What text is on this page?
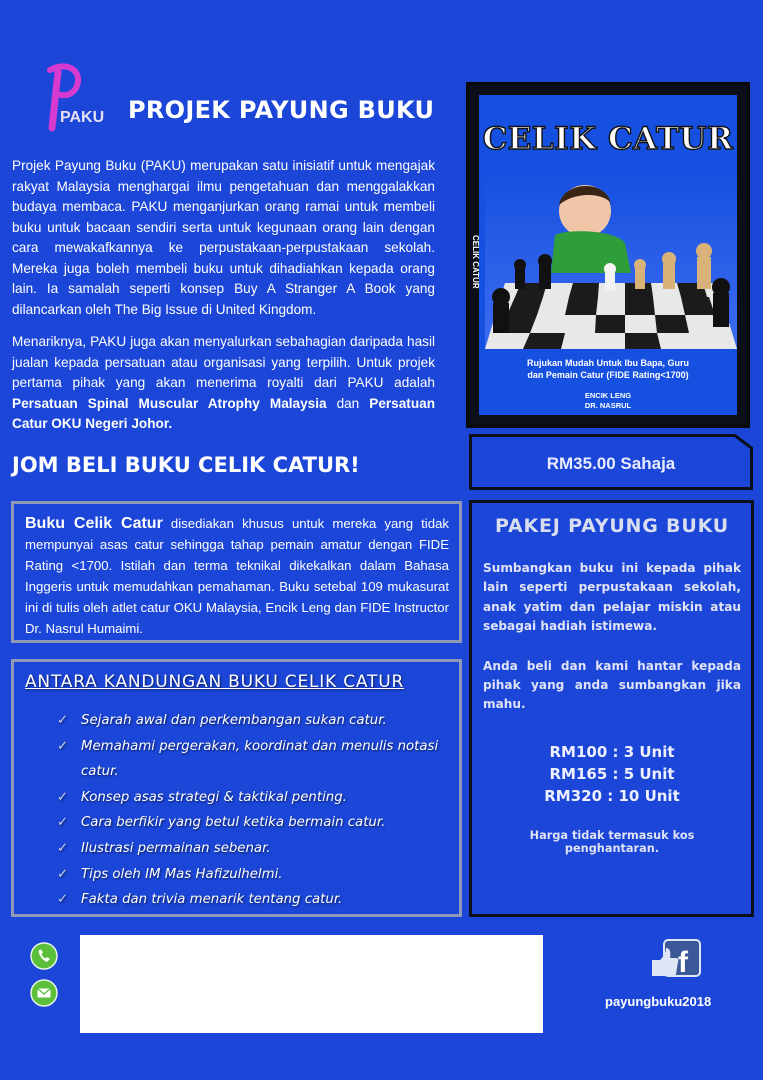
PAKU PROJEK PAYUNG BUKU

Projek Payung Buku (PAKU) merupakan satu inisiatif untuk mengajak rakyat Malaysia menghargai ilmu pengetahuan dan menggalakkan budaya membaca. PAKU menganjurkan orang ramai untuk membeli buku untuk bacaan sendiri serta untuk kegunaan orang lain dengan cara mewakafkannya ke perpustakaan-perpustakaan sekolah. Mereka juga boleh membeli buku untuk dihadiahkan kepada orang lain. Ia samalah seperti konsep Buy A Stranger A Book yang dilancarkan oleh The Big Issue di United Kingdom.

Menariknya, PAKU juga akan menyalurkan sebahagian daripada hasil jualan kepada persatuan atau organisasi yang terpilih. Untuk projek pertama pihak yang akan menerima royalti dari PAKU adalah Persatuan Spinal Muscular Atrophy Malaysia dan Persatuan Catur OKU Negeri Johor.

JOM BELI BUKU CELIK CATUR!
CELIK CATUR
CELIK CATUR
Rujukan Mudah Untuk Ibu Bapa, Guru
dan Pemain Catur (FIDE Rating<1700)
ENCIK LENG
DR. NASRUL
RM35.00 Sahaja
Buku Celik Catur disediakan khusus untuk mereka yang tidak mempunyai asas catur sehingga tahap pemain amatur dengan FIDE Rating <1700. Istilah dan terma teknikal dikekalkan dalam Bahasa Inggeris untuk memudahkan pemahaman. Buku setebal 109 mukasurat ini di tulis oleh atlet catur OKU Malaysia, Encik Leng dan FIDE Instructor Dr. Nasrul Humaimi.
ANTARA KANDUNGAN BUKU CELIK CATUR
✓ Sejarah awal dan perkembangan sukan catur.
✓ Memahami pergerakan, koordinat dan menulis notasi catur.
✓ Konsep asas strategi & taktikal penting.
✓ Cara berfikir yang betul ketika bermain catur.
✓ Ilustrasi permainan sebenar.
✓ Tips oleh IM Mas Hafizulhelmi.
✓ Fakta dan trivia menarik tentang catur.
PAKEJ PAYUNG BUKU

Sumbangkan buku ini kepada pihak lain seperti perpustakaan sekolah, anak yatim dan pelajar miskin atau sebagai hadiah istimewa.

Anda beli dan kami hantar kepada pihak yang anda sumbangkan jika mahu.

RM100 : 3 Unit
RM165 : 5 Unit
RM320 : 10 Unit
Harga tidak termasuk kos penghantaran.
f
payungbuku2018
